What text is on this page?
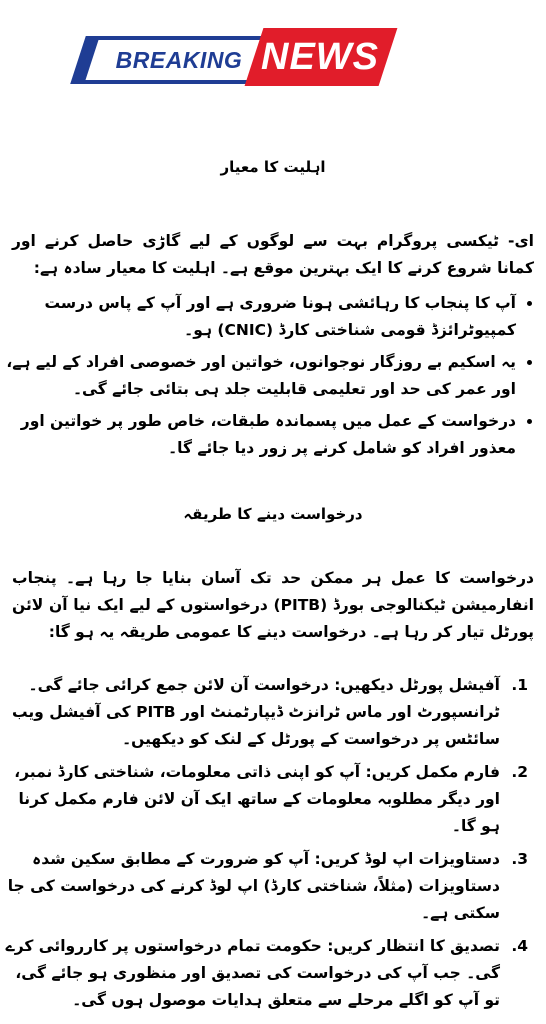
BREAKING NEWS
اہلیت کا معیار
ای- ٹیکسی پروگرام بہت سے لوگوں کے لیے گاڑی حاصل کرنے اور کمانا شروع کرنے کا ایک بہترین موقع ہے۔ اہلیت کا معیار سادہ ہے:
• آپ کا پنجاب کا رہائشی ہونا ضروری ہے اور آپ کے پاس درست کمپیوٹرائزڈ قومی شناختی کارڈ (CNIC) ہو۔
• یہ اسکیم بے روزگار نوجوانوں، خواتین اور خصوصی افراد کے لیے ہے، اور عمر کی حد اور تعلیمی قابلیت جلد ہی بتائی جائے گی۔
• درخواست کے عمل میں پسماندہ طبقات، خاص طور پر خواتین اور معذور افراد کو شامل کرنے پر زور دیا جائے گا۔
درخواست دینے کا طریقہ
درخواست کا عمل ہر ممکن حد تک آسان بنایا جا رہا ہے۔ پنجاب انفارمیشن ٹیکنالوجی بورڈ (PITB) درخواستوں کے لیے ایک نیا آن لائن پورٹل تیار کر رہا ہے۔ درخواست دینے کا عمومی طریقہ یہ ہو گا:
1. آفیشل پورٹل دیکھیں: درخواست آن لائن جمع کرائی جائے گی۔ ٹرانسپورٹ اور ماس ٹرانزٹ ڈیپارٹمنٹ اور PITB کی آفیشل ویب سائٹس پر درخواست کے پورٹل کے لنک کو دیکھیں۔
2. فارم مکمل کریں: آپ کو اپنی ذاتی معلومات، شناختی کارڈ نمبر، اور دیگر مطلوبہ معلومات کے ساتھ ایک آن لائن فارم مکمل کرنا ہو گا۔
3. دستاویزات اپ لوڈ کریں: آپ کو ضرورت کے مطابق سکین شدہ دستاویزات (مثلاً، شناختی کارڈ) اپ لوڈ کرنے کی درخواست کی جا سکتی ہے۔
4. تصدیق کا انتظار کریں: حکومت تمام درخواستوں پر کارروائی کرے گی۔ جب آپ کی درخواست کی تصدیق اور منظوری ہو جائے گی، تو آپ کو اگلے مرحلے سے متعلق ہدایات موصول ہوں گی۔
